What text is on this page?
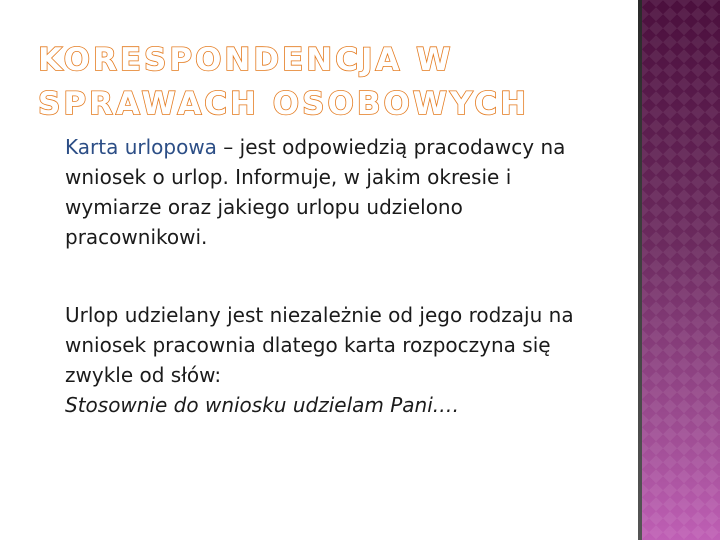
KORESPONDENCJA W SPRAWACH OSOBOWYCH

Karta urlopowa – jest odpowiedzią pracodawcy na wniosek o urlop. Informuje, w jakim okresie i wymiarze oraz jakiego urlopu udzielono pracownikowi.

Urlop udzielany jest niezależnie od jego rodzaju na wniosek pracownia dlatego karta rozpoczyna się zwykle od słów:

Stosownie do wniosku udzielam Pani.…
